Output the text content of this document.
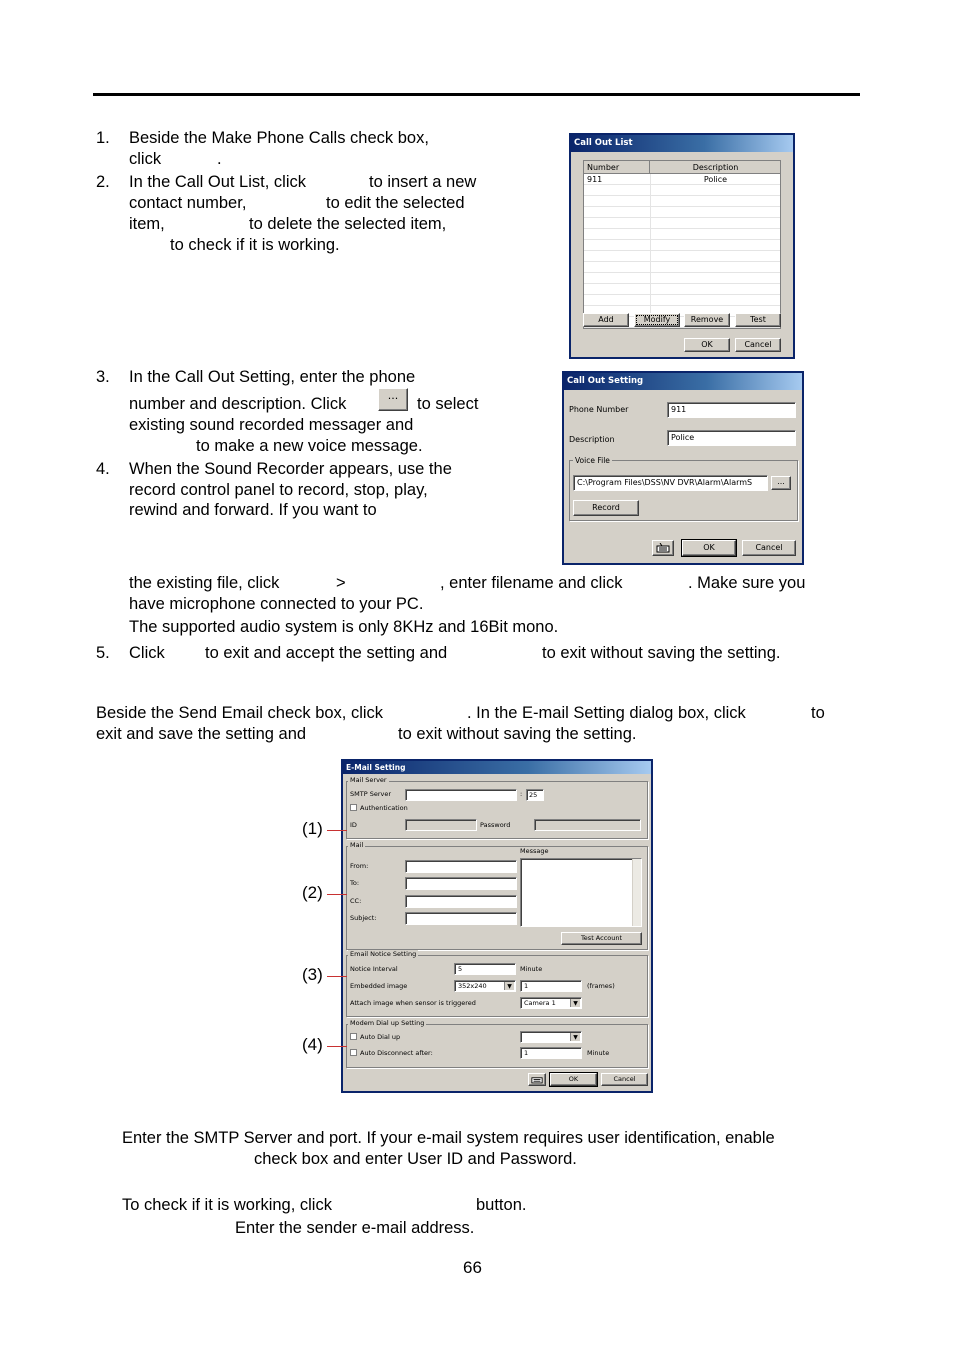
1. Beside the Make Phone Calls check box,
click	.
2. In the Call Out List, click	to insert a new
contact number,	to edit the selected
item,	to delete the selected item,
to check if it is working.
Call Out List
Number	Description
911	Police
Add	Modify	Remove	Test
OK	Cancel
3. In the Call Out Setting, enter the phone
number and description. Click	...	to select
existing sound recorded messager and
to make a new voice message.
4. When the Sound Recorder appears, use the
record control panel to record, stop, play,
rewind and forward. If you want to
Call Out Setting
Phone Number	911
Description	Police
Voice File
C:\Program Files\DSS\NV DVR\Alarm\AlarmS	...
Record
OK	Cancel
the existing file, click	>	, enter filename and click	. Make sure you
have microphone connected to your PC.
The supported audio system is only 8KHz and 16Bit mono.
5. Click to exit and accept the setting and	to exit without saving the setting.
Beside the Send Email check box, click	. In the E-mail Setting dialog box, click	to
exit and save the setting and	to exit without saving the setting.
E-Mail Setting
Mail Server
SMTP Server	:	25
Authentication
ID	Password
Mail
Message
From:
To:
CC:
Subject:
Test Account
Email Notice Setting
Notice Interval	5	Minute
Embedded image	352x240	▼	1	(frames)
Attach image when sensor is triggered	Camera 1	▼
Modem Dial up Setting
Auto Dial up	▼
Auto Disconnect after:	1	Minute
OK	Cancel
(1)
(2)
(3)
(4)
Enter the SMTP Server and port. If your e-mail system requires user identification, enable
check box and enter User ID and Password.
To check if it is working, click	button.
Enter the sender e-mail address.
66
